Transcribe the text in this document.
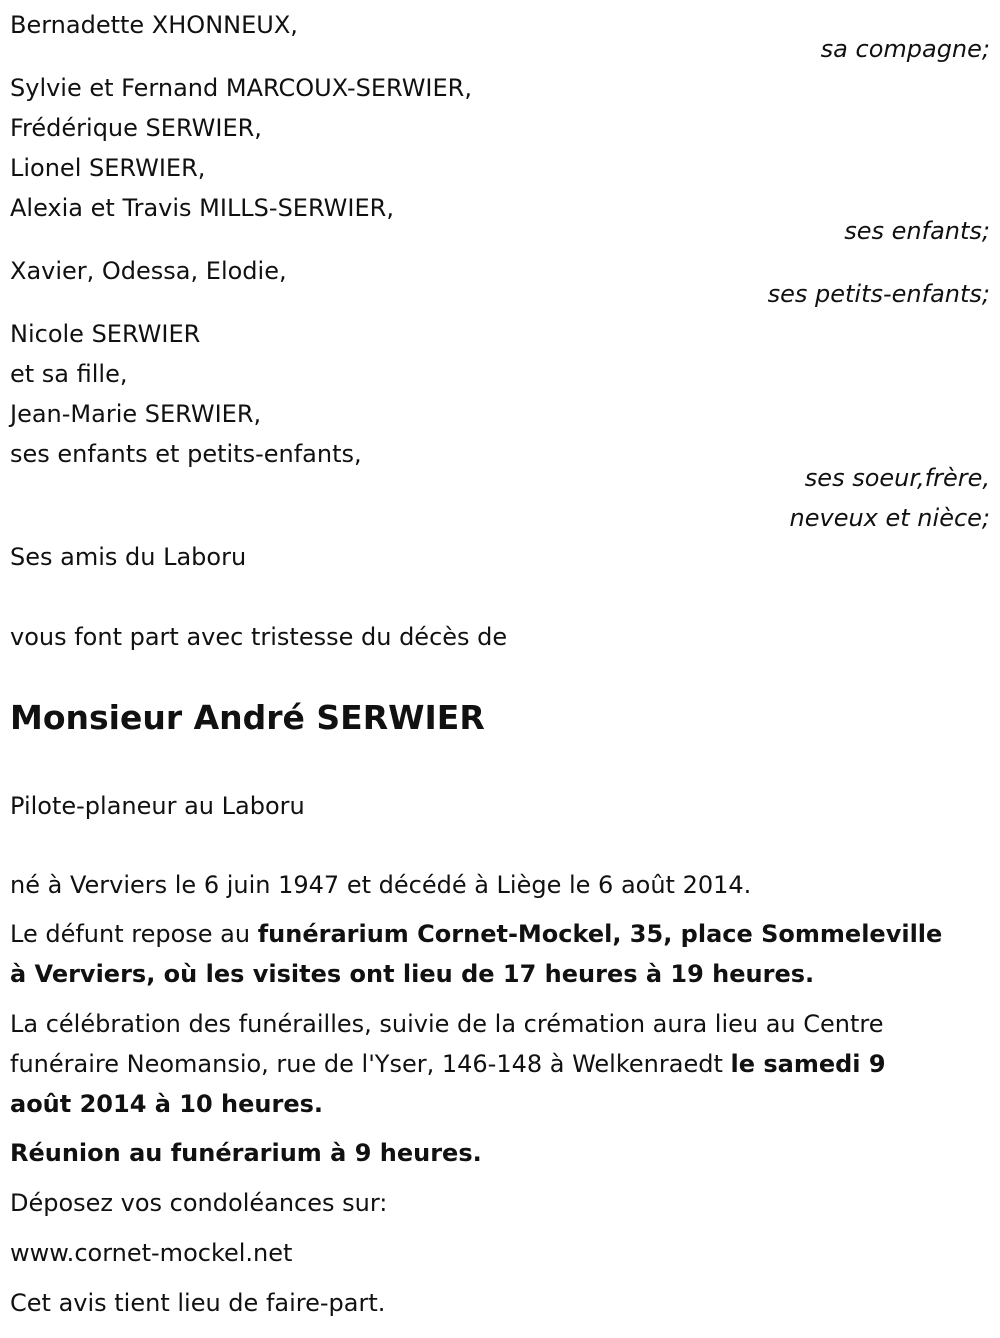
Bernadette XHONNEUX,
sa compagne;
Sylvie et Fernand MARCOUX-SERWIER,
Frédérique SERWIER,
Lionel SERWIER,
Alexia et Travis MILLS-SERWIER,
ses enfants;
Xavier, Odessa, Elodie,
ses petits-enfants;
Nicole SERWIER
et sa fille,
Jean-Marie SERWIER,
ses enfants et petits-enfants,
ses soeur,frère,
neveux et nièce;
Ses amis du Laboru
vous font part avec tristesse du décès de
Monsieur André SERWIER
Pilote-planeur au Laboru
né à Verviers le 6 juin 1947 et décédé à Liège le 6 août 2014.
Le défunt repose au funérarium Cornet-Mockel, 35, place Sommeleville
à Verviers, où les visites ont lieu de 17 heures à 19 heures.
La célébration des funérailles, suivie de la crémation aura lieu au Centre
funéraire Neomansio, rue de l'Yser, 146-148 à Welkenraedt le samedi 9
août 2014 à 10 heures.
Réunion au funérarium à 9 heures.
Déposez vos condoléances sur:
www.cornet-mockel.net
Cet avis tient lieu de faire-part.
